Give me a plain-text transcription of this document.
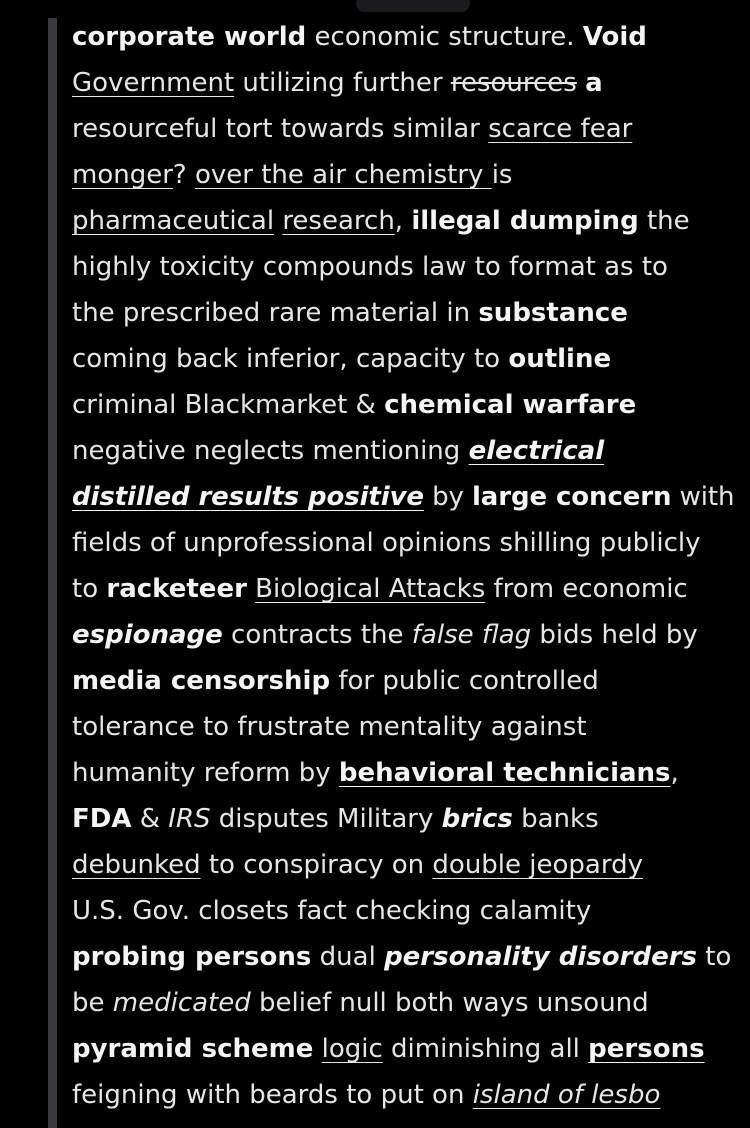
corporate world economic structure. Void
Government utilizing further resources a
resourceful tort towards similar scarce fear
monger? over the air chemistry is
pharmaceutical research, illegal dumping the
highly toxicity compounds law to format as to
the prescribed rare material in substance
coming back inferior, capacity to outline
criminal Blackmarket & chemical warfare
negative neglects mentioning electrical
distilled results positive by large concern with
fields of unprofessional opinions shilling publicly
to racketeer Biological Attacks from economic
espionage contracts the false flag bids held by
media censorship for public controlled
tolerance to frustrate mentality against
humanity reform by behavioral technicians,
FDA & IRS disputes Military brics banks
debunked to conspiracy on double jeopardy
U.S. Gov. closets fact checking calamity
probing persons dual personality disorders to
be medicated belief null both ways unsound
pyramid scheme logic diminishing all persons
feigning with beards to put on island of lesbo
